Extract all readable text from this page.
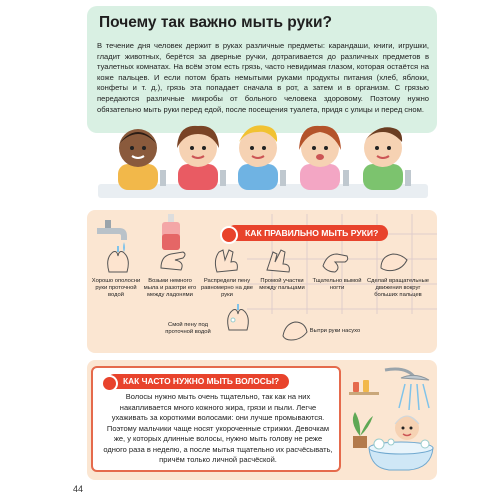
Почему так важно мыть руки?

В течение дня человек держит в руках различные предметы: карандаши, книги, игрушки, гладит животных, берётся за дверные ручки, дотрагивается до различных предметов в туалетных комнатах. На всём этом есть грязь, часто невидимая глазом, которая остаётся на коже пальцев. И если потом брать немытыми руками продукты питания (хлеб, яблоки, конфеты и т. д.), грязь эта попадает сначала в рот, а затем и в организм. С грязью передаются различные микробы от больного человека здоровому. Поэтому нужно обязательно мыть руки перед едой, после посещения туалета, придя с улицы и перед сном.

КАК ПРАВИЛЬНО МЫТЬ РУКИ?
Хорошо ополосни руки проточной водой
Возьми немного мыла и разотри его между ладонями
Распредели пену равномерно на две руки
Промой участки между пальцами
Тщательно вымой ногти
Сделай вращательные движения вокруг больших пальцев
Смой пену под проточной водой	Вытри руки насухо
КАК ЧАСТО НУЖНО МЫТЬ ВОЛОСЫ?

Волосы нужно мыть очень тщательно, так как на них накапливается много кожного жира, грязи и пыли. Легче ухаживать за короткими волосами: они лучше промываются. Поэтому мальчики чаще носят укороченные стрижки. Девочкам же, у которых длинные волосы, нужно мыть голову не реже одного раза в неделю, а после мытья тщательно их расчёсывать, причём только личной расчёской.

44
